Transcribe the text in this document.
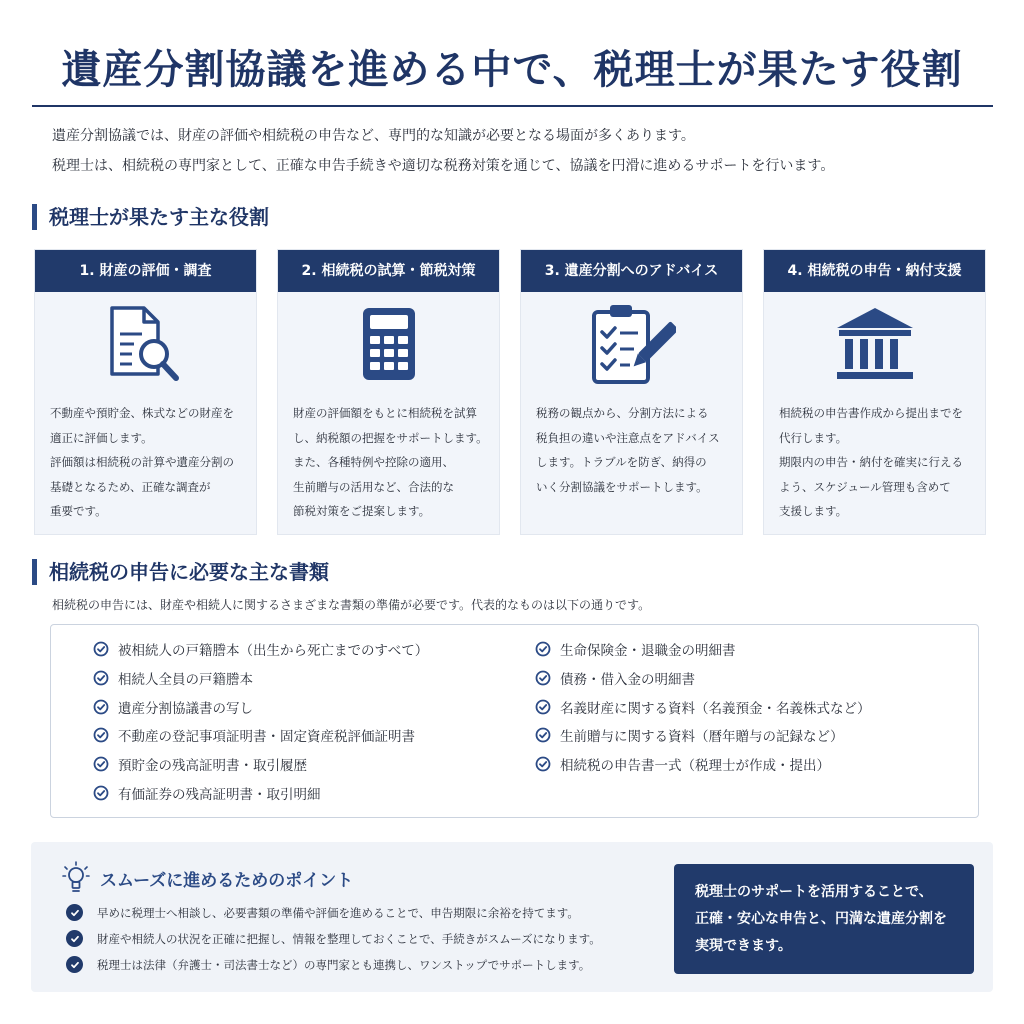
遺産分割協議を進める中で、税理士が果たす役割

遺産分割協議では、財産の評価や相続税の申告など、専門的な知識が必要となる場面が多くあります。

税理士は、相続税の専門家として、正確な申告手続きや適切な税務対策を通じて、協議を円滑に進めるサポートを行います。

税理士が果たす主な役割
1. 財産の評価・調査
不動産や預貯金、株式などの財産を
適正に評価します。
評価額は相続税の計算や遺産分割の
基礎となるため、正確な調査が
重要です。
2. 相続税の試算・節税対策
財産の評価額をもとに相続税を試算
し、納税額の把握をサポートします。
また、各種特例や控除の適用、
生前贈与の活用など、合法的な
節税対策をご提案します。
3. 遺産分割へのアドバイス
税務の観点から、分割方法による
税負担の違いや注意点をアドバイス
します。トラブルを防ぎ、納得の
いく分割協議をサポートします。
4. 相続税の申告・納付支援
相続税の申告書作成から提出までを
代行します。
期限内の申告・納付を確実に行える
よう、スケジュール管理も含めて
支援します。
相続税の申告に必要な主な書類
相続税の申告には、財産や相続人に関するさまざまな書類の準備が必要です。代表的なものは以下の通りです。
被相続人の戸籍謄本（出生から死亡までのすべて）
相続人全員の戸籍謄本
遺産分割協議書の写し
不動産の登記事項証明書・固定資産税評価証明書
預貯金の残高証明書・取引履歴
有価証券の残高証明書・取引明細
生命保険金・退職金の明細書
債務・借入金の明細書
名義財産に関する資料（名義預金・名義株式など）
生前贈与に関する資料（暦年贈与の記録など）
相続税の申告書一式（税理士が作成・提出）
スムーズに進めるためのポイント
早めに税理士へ相談し、必要書類の準備や評価を進めることで、申告期限に余裕を持てます。
財産や相続人の状況を正確に把握し、情報を整理しておくことで、手続きがスムーズになります。
税理士は法律（弁護士・司法書士など）の専門家とも連携し、ワンストップでサポートします。
税理士のサポートを活用することで、
正確・安心な申告と、円満な遺産分割を
実現できます。
